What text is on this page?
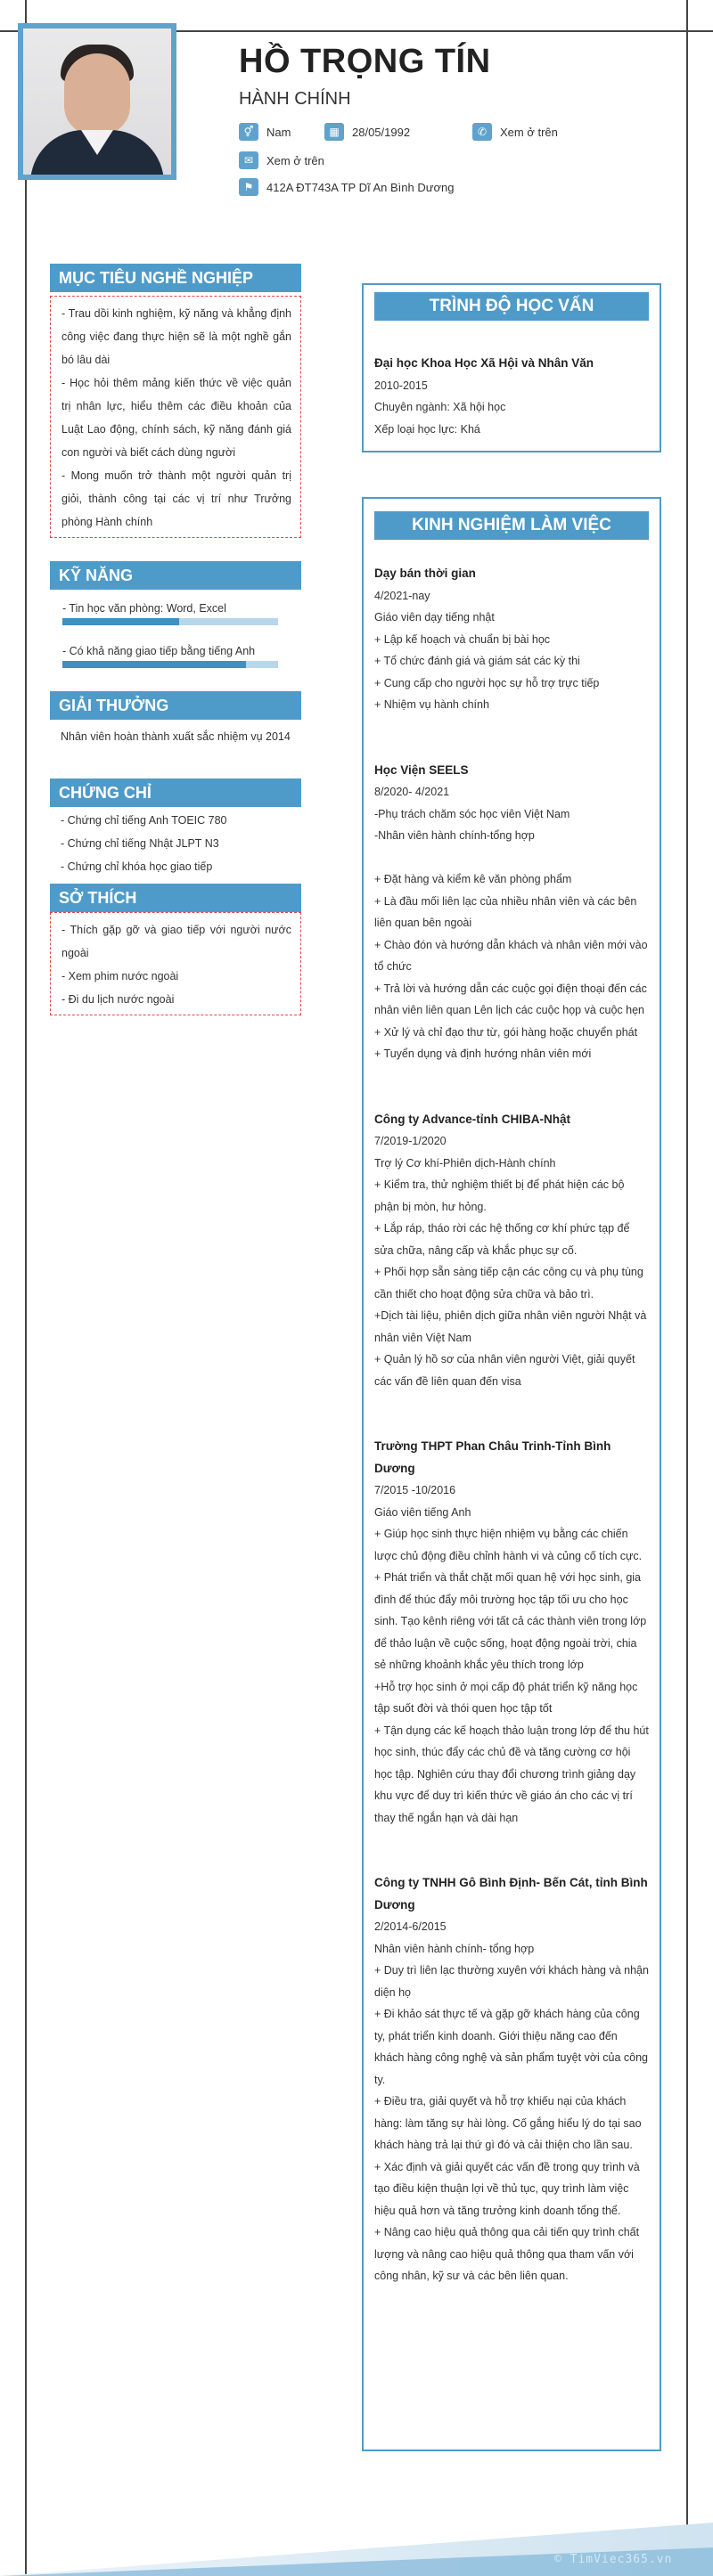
HỒ TRỌNG TÍN
HÀNH CHÍNH
⚥	Nam	▦	28/05/1992	✆	Xem ở trên
✉	Xem ở trên
⚑	412A ĐT743A TP Dĩ An Bình Dương
MỤC TIÊU NGHỀ NGHIỆP
- Trau dồi kinh nghiệm, kỹ năng và khẳng định công việc đang thực hiện sẽ là một nghề gắn bó lâu dài
- Học hỏi thêm mảng kiến thức về việc quản trị nhân lực, hiểu thêm các điều khoản của Luật Lao động, chính sách, kỹ năng đánh giá con người và biết cách dùng người
- Mong muốn trở thành một người quản trị giỏi, thành công tại các vị trí như Trưởng phòng Hành chính
KỸ NĂNG
- Tin học văn phòng: Word, Excel
- Có khả năng giao tiếp bằng tiếng Anh
GIẢI THƯỞNG
Nhân viên hoàn thành xuất sắc nhiệm vụ 2014
CHỨNG CHỈ
- Chứng chỉ tiếng Anh TOEIC 780
- Chứng chỉ tiếng Nhật JLPT N3
- Chứng chỉ khóa học giao tiếp
SỞ THÍCH
- Thích gặp gỡ và giao tiếp với người nước ngoài
- Xem phim nước ngoài
- Đi du lịch nước ngoài
TRÌNH ĐỘ HỌC VẤN
Đại học Khoa Học Xã Hội và Nhân Văn
2010-2015
Chuyên ngành: Xã hội học
Xếp loại học lực: Khá
KINH NGHIỆM LÀM VIỆC
Dạy bán thời gian
4/2021-nay
Giáo viên dạy tiếng nhật
+ Lập kế hoạch và chuẩn bị bài học
+ Tổ chức đánh giá và giám sát các kỳ thi
+ Cung cấp cho người học sự hỗ trợ trực tiếp
+ Nhiệm vụ hành chính
Học Viện SEELS
8/2020- 4/2021
-Phụ trách chăm sóc học viên Việt Nam
-Nhân viên hành chính-tổng hợp
+ Đặt hàng và kiểm kê văn phòng phẩm
+ Là đầu mối liên lạc của nhiều nhân viên và các bên liên quan bên ngoài
+ Chào đón và hướng dẫn khách và nhân viên mới vào tổ chức
+ Trả lời và hướng dẫn các cuộc gọi điện thoại đến các nhân viên liên quan Lên lịch các cuộc họp và cuộc hẹn
+ Xử lý và chỉ đạo thư từ, gói hàng hoặc chuyển phát
+ Tuyển dụng và định hướng nhân viên mới
Công ty Advance-tỉnh CHIBA-Nhật
7/2019-1/2020
Trợ lý Cơ khí-Phiên dịch-Hành chính
+ Kiểm tra, thử nghiệm thiết bị để phát hiện các bộ phận bị mòn, hư hỏng.
+ Lắp ráp, tháo rời các hệ thống cơ khí phức tạp để sửa chữa, nâng cấp và khắc phục sự cố.
+ Phối hợp sẵn sàng tiếp cận các công cụ và phụ tùng cần thiết cho hoạt động sửa chữa và bảo trì.
+Dịch tài liệu, phiên dịch giữa nhân viên người Nhật và nhân viên Việt Nam
+ Quản lý hồ sơ của nhân viên người Việt, giải quyết các vấn đề liên quan đến visa
Trường THPT Phan Châu Trinh-Tỉnh Bình Dương
7/2015 -10/2016
Giáo viên tiếng Anh
+ Giúp học sinh thực hiện nhiệm vụ bằng các chiến lược chủ động điều chỉnh hành vi và củng cố tích cực.
+ Phát triển và thắt chặt mối quan hệ với học sinh, gia đình để thúc đẩy môi trường học tập tối ưu cho học sinh. Tạo kênh riêng với tất cả các thành viên trong lớp để thảo luận về cuộc sống, hoạt động ngoài trời, chia sẻ những khoảnh khắc yêu thích trong lớp
+Hỗ trợ học sinh ở mọi cấp độ phát triển kỹ năng học tập suốt đời và thói quen học tập tốt
+ Tận dụng các kế hoạch thảo luận trong lớp để thu hút học sinh, thúc đẩy các chủ đề và tăng cường cơ hội học tập. Nghiên cứu thay đổi chương trình giảng dạy khu vực để duy trì kiến thức về giáo án cho các vị trí thay thế ngắn hạn và dài hạn
Công ty TNHH Gô Bình Định- Bến Cát, tỉnh Bình Dương
2/2014-6/2015
Nhân viên hành chính- tổng hợp
+ Duy trì liên lạc thường xuyên với khách hàng và nhận diện họ
+ Đi khảo sát thực tế và gặp gỡ khách hàng của công ty, phát triển kinh doanh. Giới thiệu năng cao đến khách hàng công nghệ và sản phẩm tuyệt vời của công ty.
+ Điều tra, giải quyết và hỗ trợ khiếu nại của khách hàng: làm tăng sự hài lòng. Cố gắng hiểu lý do tại sao khách hàng trả lại thứ gì đó và cải thiện cho lần sau.
+ Xác định và giải quyết các vấn đề trong quy trình và tạo điều kiện thuận lợi về thủ tục, quy trình làm việc hiệu quả hơn và tăng trưởng kinh doanh tổng thể.
+ Nâng cao hiệu quả thông qua cải tiến quy trình chất lượng và nâng cao hiệu quả thông qua tham vấn với công nhân, kỹ sư và các bên liên quan.
© TimViec365.vn
